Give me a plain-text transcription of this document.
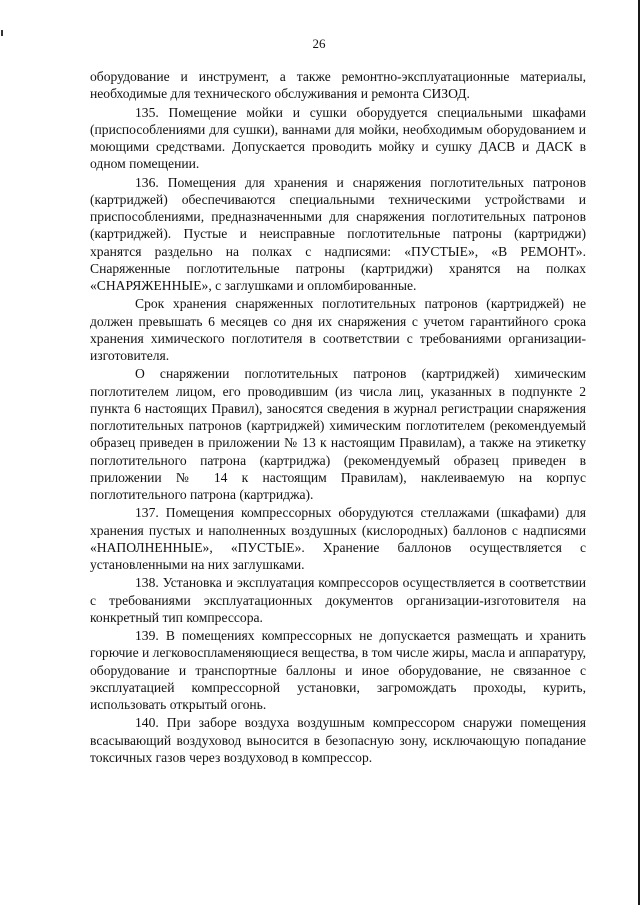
26

оборудование и инструмент, а также ремонтно-эксплуатационные материалы, необходимые для технического обслуживания и ремонта СИЗОД.

135. Помещение мойки и сушки оборудуется специальными шкафами (приспособлениями для сушки), ваннами для мойки, необходимым оборудованием и моющими средствами. Допускается проводить мойку и сушку ДАСВ и ДАСК в одном помещении.

136. Помещения для хранения и снаряжения поглотительных патронов (картриджей) обеспечиваются специальными техническими устройствами и приспособлениями, предназначенными для снаряжения поглотительных патронов (картриджей). Пустые и неисправные поглотительные патроны (картриджи) хранятся раздельно на полках с надписями: «ПУСТЫЕ», «В РЕМОНТ». Снаряженные поглотительные патроны (картриджи) хранятся на полках «СНАРЯЖЕННЫЕ», с заглушками и опломбированные.

Срок хранения снаряженных поглотительных патронов (картриджей) не должен превышать 6 месяцев со дня их снаряжения с учетом гарантийного срока хранения химического поглотителя в соответствии с требованиями организации-изготовителя.

О снаряжении поглотительных патронов (картриджей) химическим поглотителем лицом, его проводившим (из числа лиц, указанных в подпункте 2 пункта 6 настоящих Правил), заносятся сведения в журнал регистрации снаряжения поглотительных патронов (картриджей) химическим поглотителем (рекомендуемый образец приведен в приложении № 13 к настоящим Правилам), а также на этикетку поглотительного патрона (картриджа) (рекомендуемый образец приведен в приложении № 14 к настоящим Правилам), наклеиваемую на корпус поглотительного патрона (картриджа).

137. Помещения компрессорных оборудуются стеллажами (шкафами) для хранения пустых и наполненных воздушных (кислородных) баллонов с надписями «НАПОЛНЕННЫЕ», «ПУСТЫЕ». Хранение баллонов осуществляется с установленными на них заглушками.

138. Установка и эксплуатация компрессоров осуществляется в соответствии с требованиями эксплуатационных документов организации-изготовителя на конкретный тип компрессора.

139. В помещениях компрессорных не допускается размещать и хранить горючие и легковоспламеняющиеся вещества, в том числе жиры, масла и аппаратуру, оборудование и транспортные баллоны и иное оборудование, не связанное с эксплуатацией компрессорной установки, загромождать проходы, курить, использовать открытый огонь.

140. При заборе воздуха воздушным компрессором снаружи помещения всасывающий воздуховод выносится в безопасную зону, исключающую попадание токсичных газов через воздуховод в компрессор.
